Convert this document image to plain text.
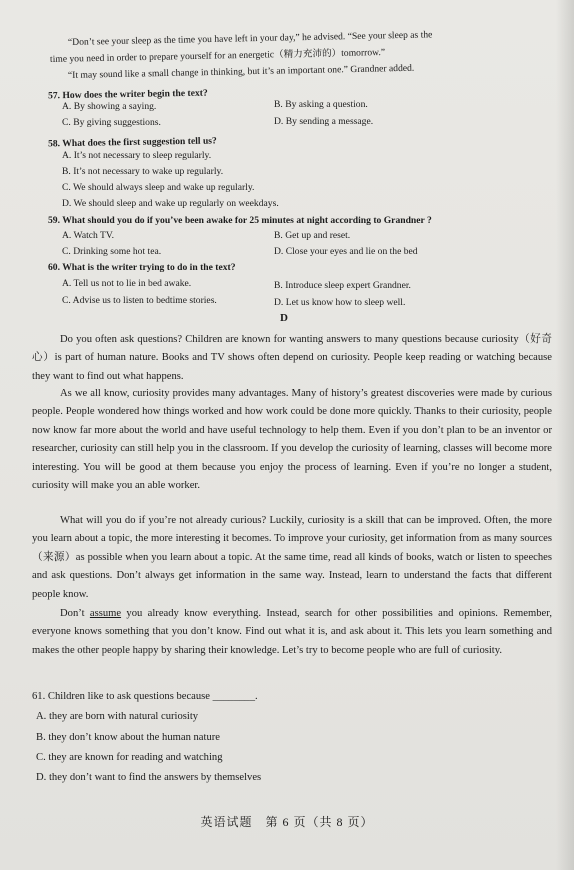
“Don’t see your sleep as the time you have left in your day,” he advised. “See your sleep as the
time you need in order to prepare yourself for an energetic（精力充沛的）tomorrow.”
“It may sound like a small change in thinking, but it’s an important one.” Grandner added.
57. How does the writer begin the text?
A. By showing a saying.	B. By asking a question.
C. By giving suggestions.	D. By sending a message.
58. What does the first suggestion tell us?
A. It’s not necessary to sleep regularly.
B. It’s not necessary to wake up regularly.
C. We should always sleep and wake up regularly.
D. We should sleep and wake up regularly on weekdays.
59. What should you do if you’ve been awake for 25 minutes at night according to Grandner ?
A. Watch TV.	B. Get up and reset.
C. Drinking some hot tea.	D. Close your eyes and lie on the bed
60. What is the writer trying to do in the text?
A. Tell us not to lie in bed awake.	B. Introduce sleep expert Grandner.
C. Advise us to listen to bedtime stories.	D. Let us know how to sleep well.
D
Do you often ask questions? Children are known for wanting answers to many questions because curiosity（好奇心）is part of human nature. Books and TV shows often depend on curiosity. People keep reading or watching because they want to find out what happens.
As we all know, curiosity provides many advantages. Many of history’s greatest discoveries were made by curious people. People wondered how things worked and how work could be done more quickly. Thanks to their curiosity, people now know far more about the world and have useful technology to help them. Even if you don’t plan to be an inventor or researcher, curiosity can still help you in the classroom. If you develop the curiosity of learning, classes will become more interesting. You will be good at them because you enjoy the process of learning. Even if you’re no longer a student, curiosity will make you an able worker.
What will you do if you’re not already curious? Luckily, curiosity is a skill that can be improved. Often, the more you learn about a topic, the more interesting it becomes. To improve your curiosity, get information from as many sources（来源）as possible when you learn about a topic. At the same time, read all kinds of books, watch or listen to speeches and ask questions. Don’t always get information in the same way. Instead, learn to understand the facts that different people know.
Don’t assume you already know everything. Instead, search for other possibilities and opinions. Remember, everyone knows something that you don’t know. Find out what it is, and ask about it. This lets you learn something and makes the other people happy by sharing their knowledge. Let’s try to become people who are full of curiosity.
61. Children like to ask questions because ________.
A. they are born with natural curiosity
B. they don’t know about the human nature
C. they are known for reading and watching
D. they don’t want to find the answers by themselves
英语试题　第 6 页（共 8 页）
